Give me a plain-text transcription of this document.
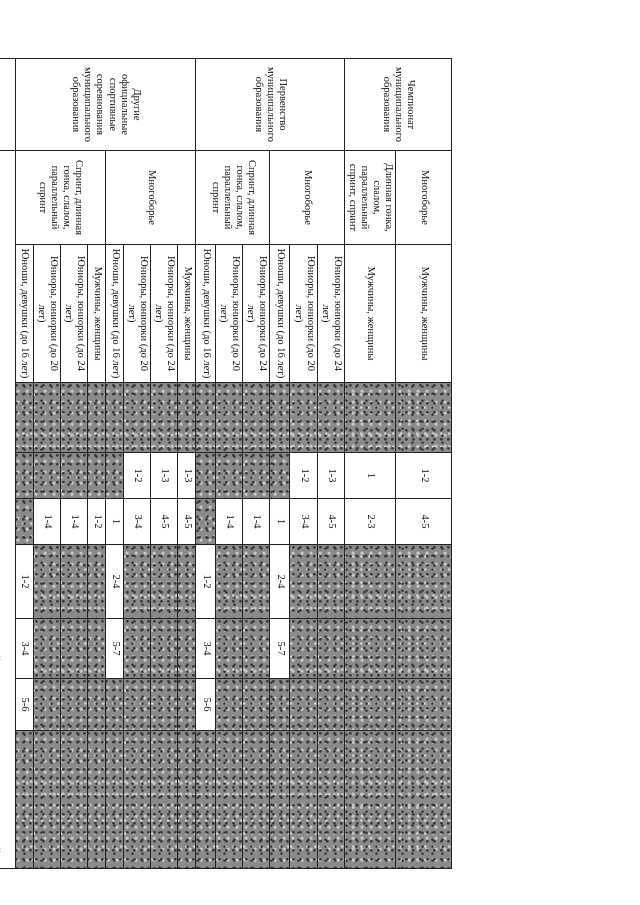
Чемпионат муниципального образования	Многоборье	Мужчины, женщины		1-2	4-5				
	Длинная гонка, слалом, параллельный спринт, спринт	Мужчины, женщины		1	2-3				
Первенство муниципального образования	Многоборье	Юниоры, юниорки (до 24 лет)		1-3	4-5				
		Юниоры, юниорки (до 20 лет)		1-2	3-4				
		Юноши, девушки (до 16 лет)			1	2-4	5-7		
	Спринт, длинная гонка, слалом, параллельный спринт	Юниоры, юниорки (до 24 лет)			1-4				
		Юниоры, юниорки (до 20 лет)			1-4				
		Юноши, девушки (до 16 лет)				1-2	3-4	5-6	
Другие официальные спортивные соревнования муниципального образования	Многоборье	Мужчины, женщины		1-3	4-5				
		Юниоры, юниорки (до 24 лет)		1-3	4-5				
		Юниоры, юниорки (до 20 лет)		1-2	3-4				
		Юноши, девушки (до 16 лет)			1	2-4	5-7		
	Спринт, длинная гонка, слалом, параллельный спринт	Мужчины, женщины			1-2				
		Юниоры, юниорки (до 24 лет)			1-4				
		Юниоры, юниорки (до 20 лет)			1-4				
		Юноши, девушки (до 16 лет)				1-2	3-4	5-6	
